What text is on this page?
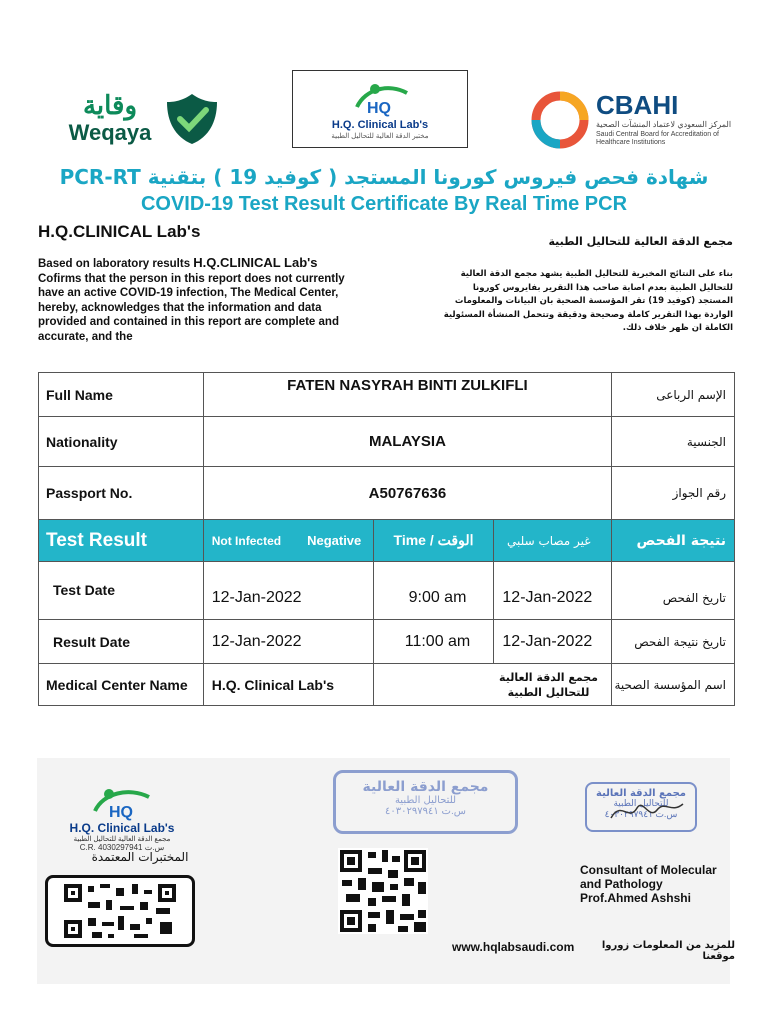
وقاية
Weqaya
HQ
H.Q. Clinical Lab's
مختبر الدقة العالية للتحاليل الطبية
CBAHI
المركز السعودي لاعتماد المنشآت الصحية
Saudi Central Board for Accreditation of Healthcare Institutions
شهادة فحص فيروس كورونا المستجد ( كوفيد 19 ) بتقنية PCR-RT
COVID-19 Test Result Certificate By Real Time PCR
H.Q.CLINICAL Lab's
مجمع الدقة العالية للتحاليل الطبية
Based on laboratory results H.Q.CLINICAL Lab's Cofirms that the person in this report does not currently have an active COVID-19 infection, The Medical Center, hereby, acknowledges that the information and data provided and contained in this report are complete and accurate, and the
بناء على النتائج المخبرية للتحاليل الطبية يشهد مجمع الدقة العالية للتحاليل الطبية بعدم اصابة صاحب هذا التقرير بفايروس كورونا المستجد (كوفيد 19) تقر المؤسسة الصحية بان البيانات والمعلومات الواردة بهذا التقرير كاملة وصحيحة ودقيقة وتتحمل المنشأة المسئولية الكاملة ان ظهر خلاف ذلك.
Full Name	FATEN NASYRAH BINTI ZULKIFLI			الإسم الرباعى
Nationality	MALAYSIA			الجنسية
Passport No.	A50767636			رقم الجواز
Test Result	Not Infected Negative	Time / الوقت	غير مصاب سلبي	نتيجة الفحص
Test Date	12-Jan-2022	9:00 am	12-Jan-2022	تاريخ الفحص
Result Date	12-Jan-2022	11:00 am	12-Jan-2022	تاريخ نتيجة الفحص
Medical Center Name	H.Q. Clinical Lab's		مجمع الدقة العالية للتحاليل الطبية	اسم المؤسسة الصحية
HQ
H.Q. Clinical Lab's
مجمع الدقة العالية للتحاليل الطبية
C.R. 4030297941 س.ت
المختبرات المعتمدة
مجمع الدقة العالية
للتحاليل الطبية
س.ت ٤٠٣٠٢٩٧٩٤١
مجمع الدقة العالية
للتحاليل الطبية
س.ت ٤٠٣٠٢٩٧٩٤١
Consultant of Molecular
and Pathology
Prof.Ahmed Ashshi
www.hqlabsaudi.com	للمزيد من المعلومات زوروا موقعنا
